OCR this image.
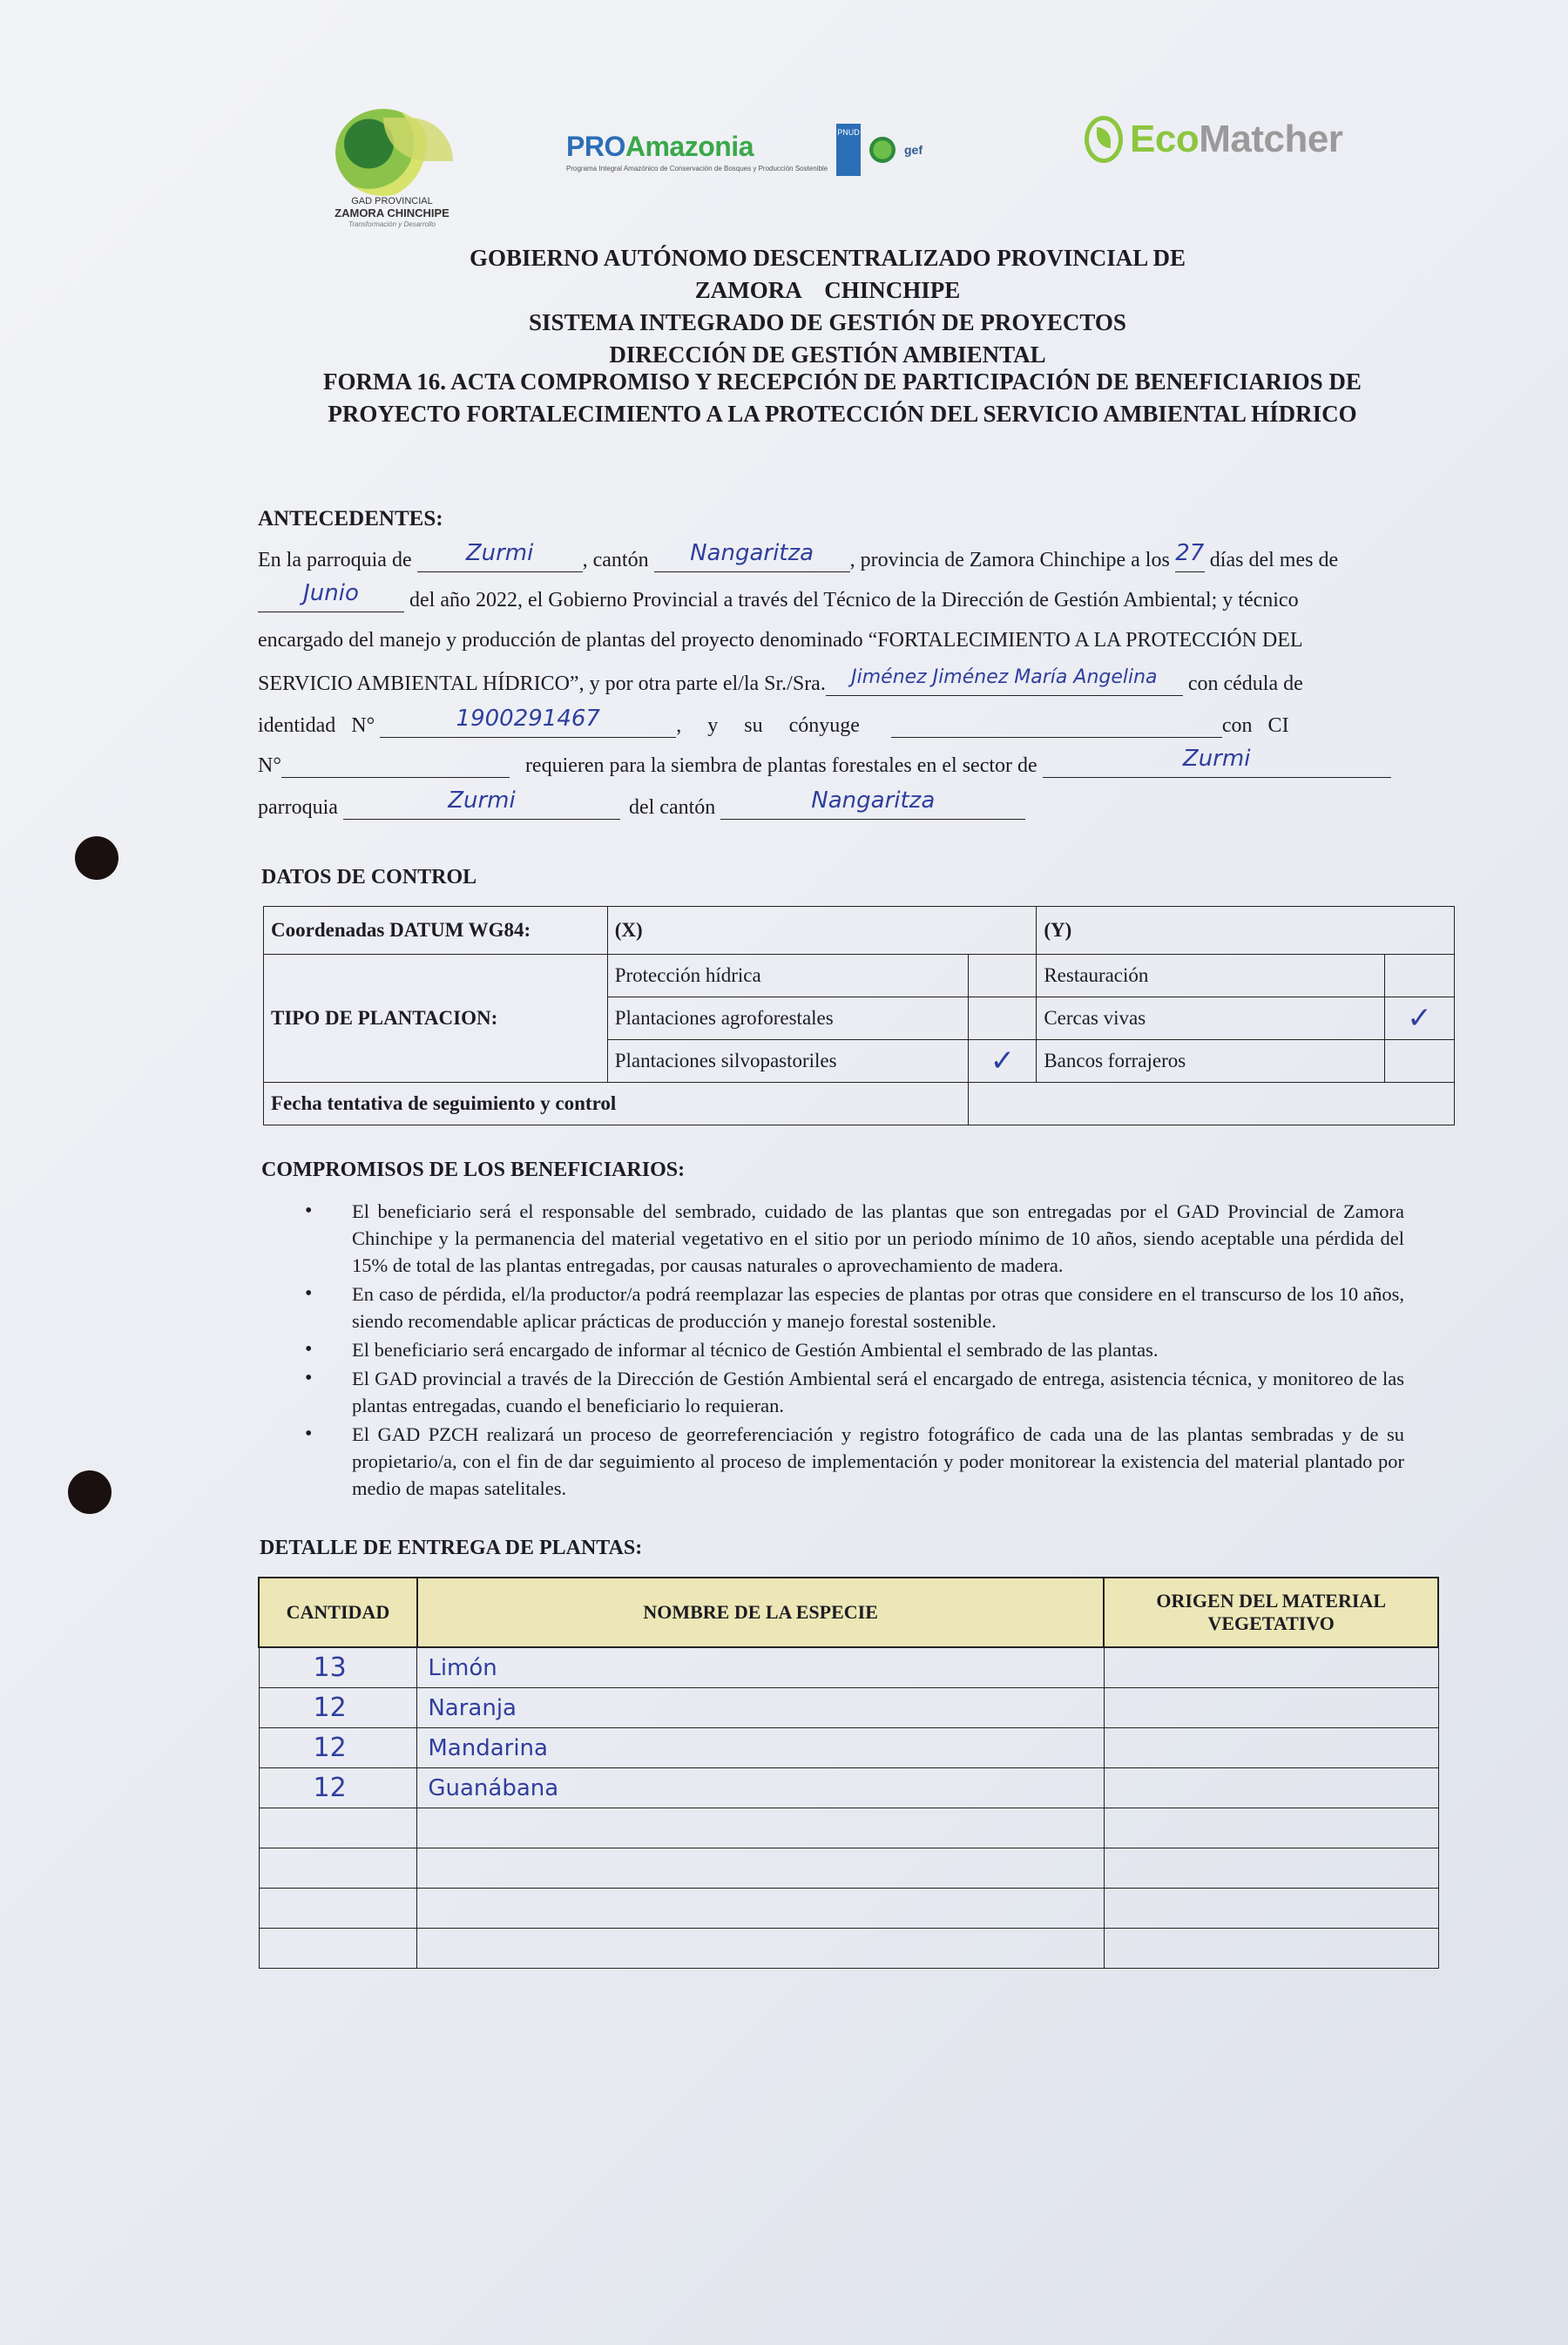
GAD PROVINCIAL
ZAMORA CHINCHIPE
Transformación y Desarrollo
PROAmazonia
Programa Integral Amazónico de Conservación de Bosques y Producción Sostenible
PNUD
gef	EcoMatcher
GOBIERNO AUTÓNOMO DESCENTRALIZADO PROVINCIAL DE
ZAMORA    CHINCHIPE
SISTEMA INTEGRADO DE GESTIÓN DE PROYECTOS
DIRECCIÓN DE GESTIÓN AMBIENTAL
FORMA 16. ACTA COMPROMISO Y RECEPCIÓN DE PARTICIPACIÓN DE BENEFICIARIOS DE
PROYECTO FORTALECIMIENTO A LA PROTECCIÓN DEL SERVICIO AMBIENTAL HÍDRICO
ANTECEDENTES:
En la parroquia de Zurmi , cantón Nangaritza , provincia de Zamora Chinchipe a los 27 días del mes de
Junio del año 2022, el Gobierno Provincial a través del Técnico de la Dirección de Gestión Ambiental; y técnico
encargado del manejo y producción de plantas del proyecto denominado “FORTALECIMIENTO A LA PROTECCIÓN DEL
SERVICIO AMBIENTAL HÍDRICO”, y por otra parte el/la Sr./Sra. Jiménez Jiménez María Angelina con cédula de
identidad   N°	1900291467	,     y     su     cónyuge	con   CI
N°	requieren para la siembra de plantas forestales en el sector de	Zurmi
parroquia	Zurmi	del cantón	Nangaritza
DATOS DE CONTROL
Coordenadas DATUM WG84:	(X)		(Y)	
TIPO DE PLANTACION:	Protección hídrica		Restauración	
	Plantaciones agroforestales		Cercas vivas	✓
	Plantaciones silvopastoriles	✓	Bancos forrajeros	
Fecha tentativa de seguimiento y control				
COMPROMISOS DE LOS BENEFICIARIOS:
• El beneficiario será el responsable del sembrado, cuidado de las plantas que son entregadas por el GAD Provincial de Zamora Chinchipe y la permanencia del material vegetativo en el sitio por un periodo mínimo de 10 años, siendo aceptable una pérdida del 15% de total de las plantas entregadas, por causas naturales o aprovechamiento de madera.
• En caso de pérdida, el/la productor/a podrá reemplazar las especies de plantas por otras que considere en el transcurso de los 10 años, siendo recomendable aplicar prácticas de producción y manejo forestal sostenible.
• El beneficiario será encargado de informar al técnico de Gestión Ambiental el sembrado de las plantas.
• El GAD provincial a través de la Dirección de Gestión Ambiental será el encargado de entrega, asistencia técnica, y monitoreo de las plantas entregadas, cuando el beneficiario lo requieran.
• El GAD PZCH realizará un proceso de georreferenciación y registro fotográfico de cada una de las plantas sembradas y de su propietario/a, con el fin de dar seguimiento al proceso de implementación y poder monitorear la existencia del material plantado por medio de mapas satelitales.
DETALLE DE ENTREGA DE PLANTAS:
CANTIDAD	NOMBRE DE LA ESPECIE	ORIGEN DEL MATERIAL VEGETATIVO
13	Limón	
12	Naranja	
12	Mandarina	
12	Guanábana	
